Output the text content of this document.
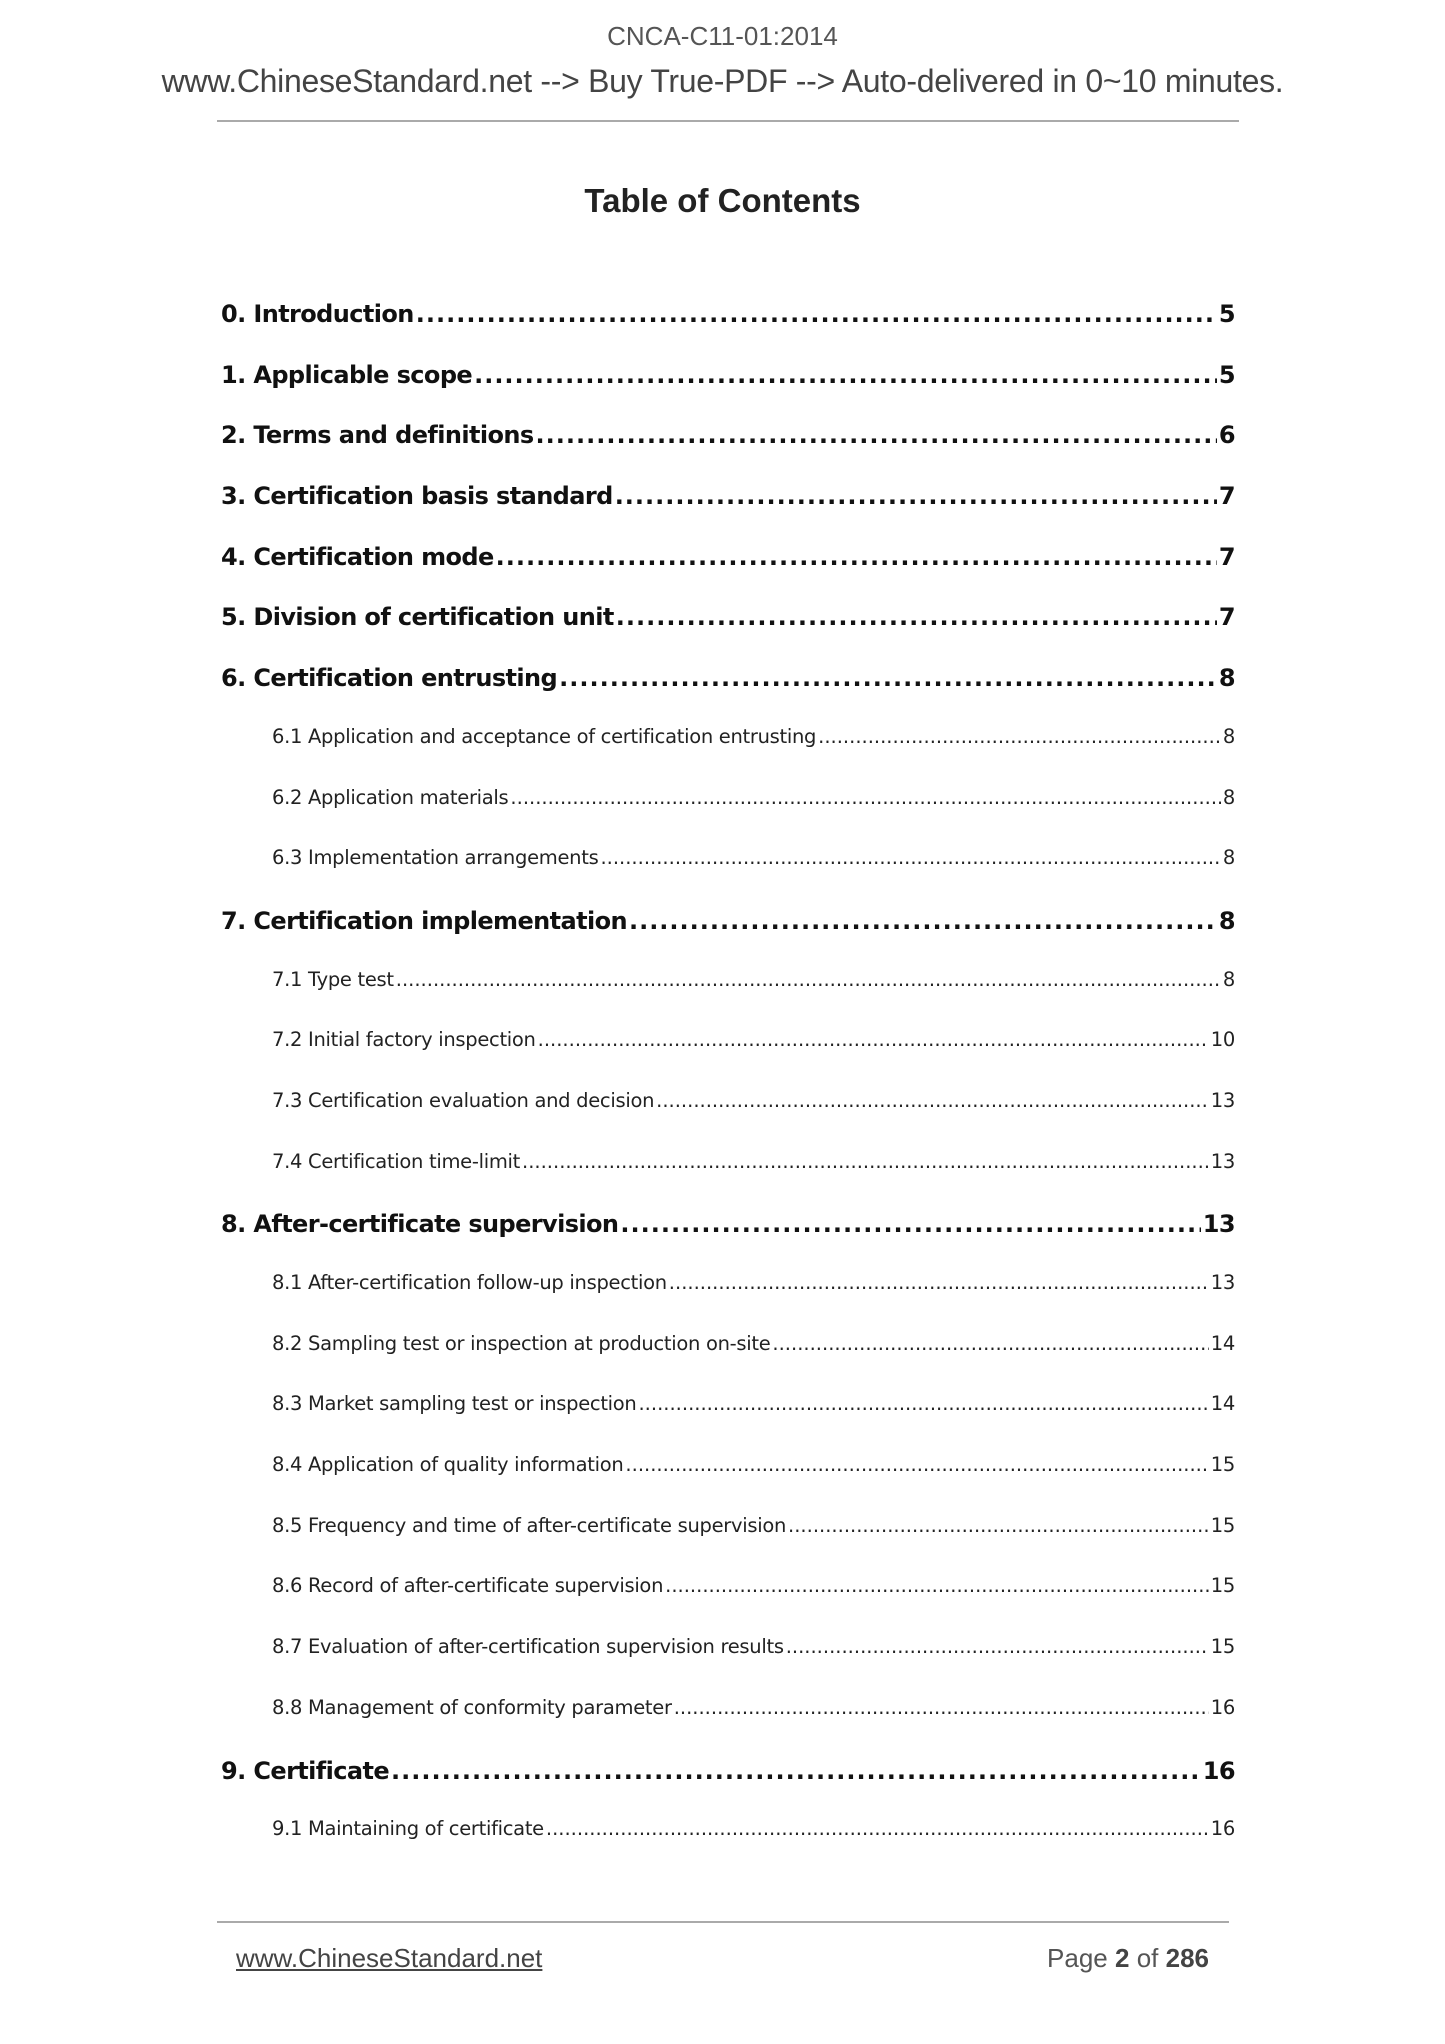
CNCA-C11-01:2014
www.ChineseStandard.net --> Buy True-PDF --> Auto-delivered in 0~10 minutes.
Table of Contents
0. Introduction .....	5
1. Applicable scope .....	5
2. Terms and definitions .....	6
3. Certification basis standard .....	7
4. Certification mode .....	7
5. Division of certification unit .....	7
6. Certification entrusting .....	8
6.1 Application and acceptance of certification entrusting .....	8
6.2 Application materials .....	8
6.3 Implementation arrangements .....	8
7. Certification implementation .....	8
7.1 Type test .....	8
7.2 Initial factory inspection .....	10
7.3 Certification evaluation and decision .....	13
7.4 Certification time-limit .....	13
8. After-certificate supervision .....	13
8.1 After-certification follow-up inspection .....	13
8.2 Sampling test or inspection at production on-site .....	14
8.3 Market sampling test or inspection .....	14
8.4 Application of quality information .....	15
8.5 Frequency and time of after-certificate supervision .....	15
8.6 Record of after-certificate supervision .....	15
8.7 Evaluation of after-certification supervision results .....	15
8.8 Management of conformity parameter .....	16
9. Certificate .....	16
9.1 Maintaining of certificate .....	16
www.ChineseStandard.net	Page 2 of 286
